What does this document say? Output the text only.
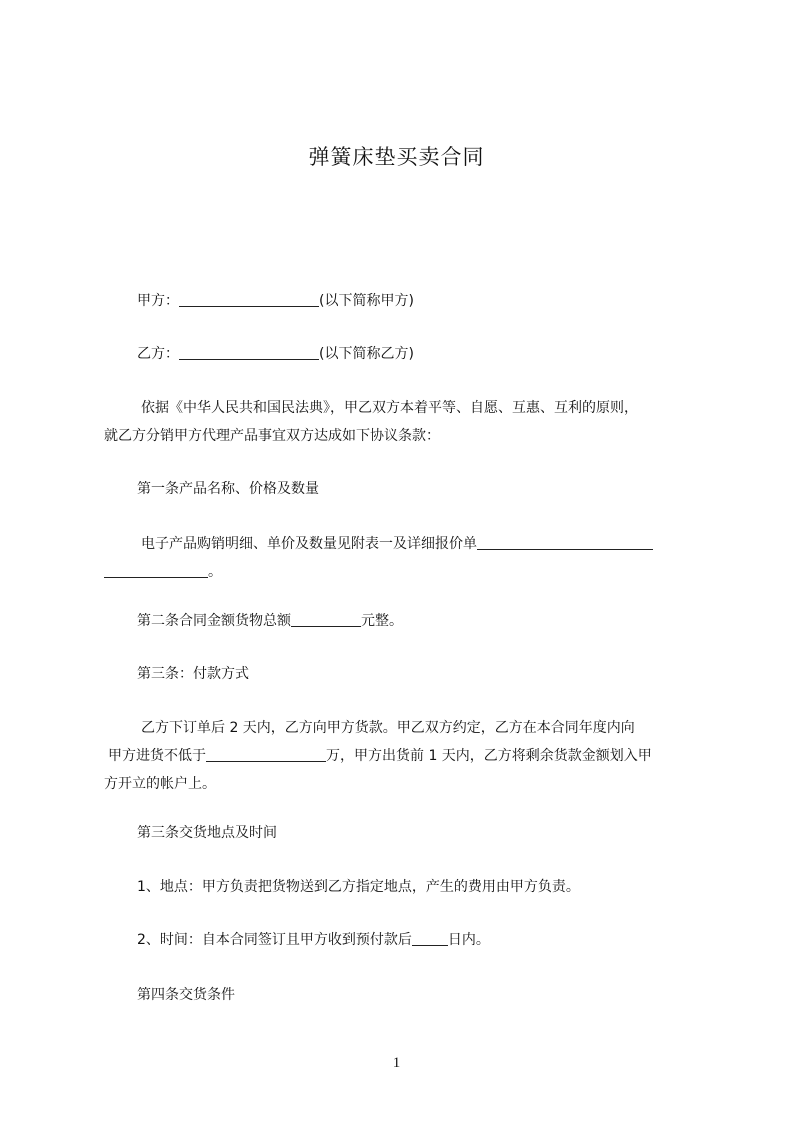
弹簧床垫买卖合同
甲方：	(以下简称甲方)
乙方：	(以下简称乙方)
依据《中华人民共和国民法典》，甲乙双方本着平等、自愿、互惠、互利的原则，
就乙方分销甲方代理产品事宜双方达成如下协议条款：
第一条产品名称、价格及数量
电子产品购销明细、单价及数量见附表一及详细报价单
。
第二条合同金额货物总额	元整。
第三条：付款方式
乙方下订单后 2 天内，乙方向甲方货款。甲乙双方约定，乙方在本合同年度内向
甲方进货不低于	万，甲方出货前 1 天内，乙方将剩余货款金额划入甲
方开立的帐户上。
第三条交货地点及时间
1、地点：甲方负责把货物送到乙方指定地点，产生的费用由甲方负责。
2、时间：自本合同签订且甲方收到预付款后	日内。
第四条交货条件
1
